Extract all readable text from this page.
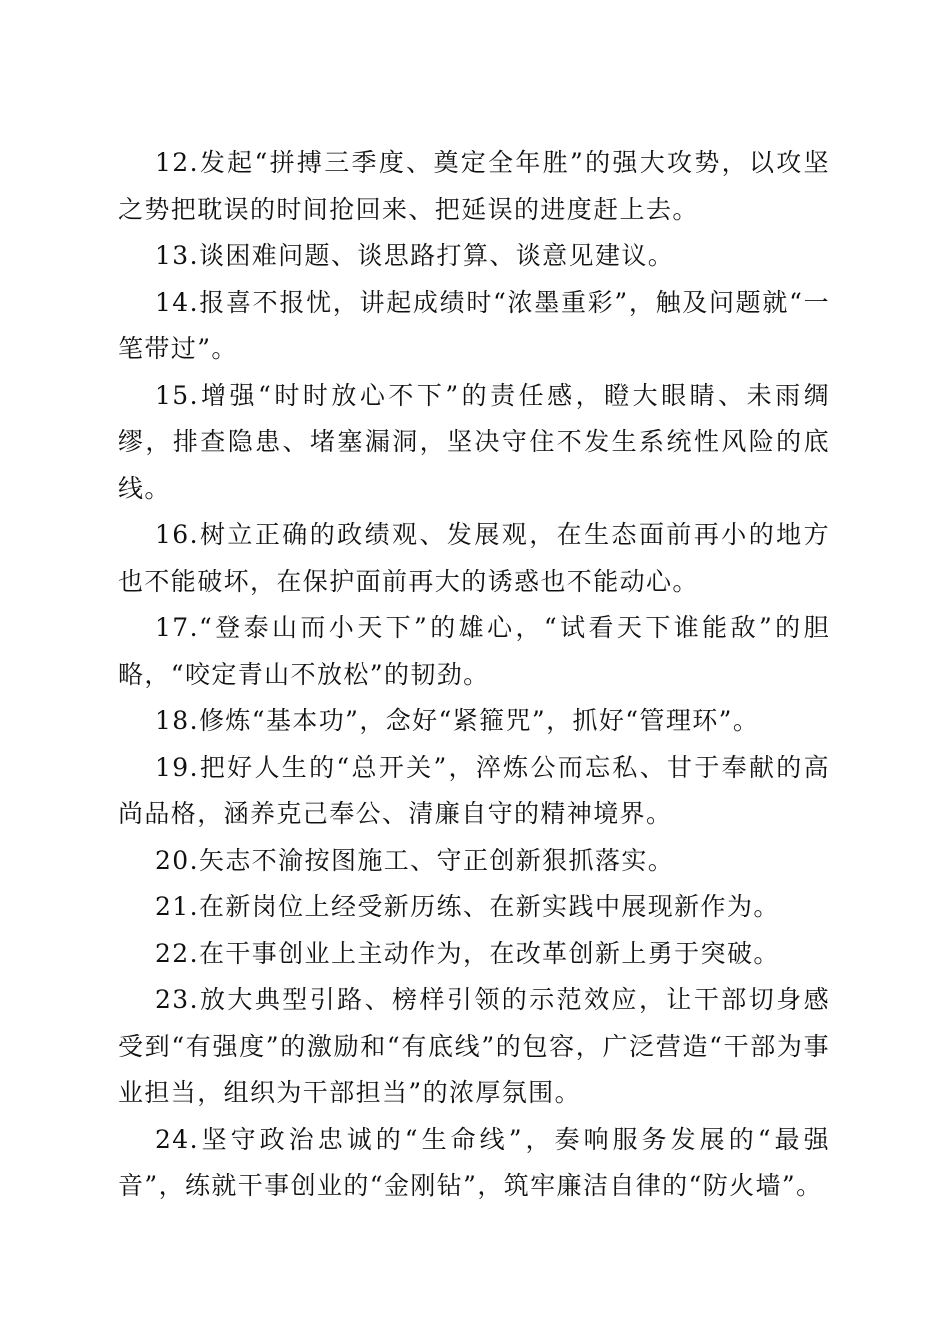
12.发起“拼搏三季度、奠定全年胜”的强大攻势，以攻坚之势把耽误的时间抢回来、把延误的进度赶上去。

13.谈困难问题、谈思路打算、谈意见建议。

14.报喜不报忧，讲起成绩时“浓墨重彩”，触及问题就“一笔带过”。

15.增强“时时放心不下”的责任感，瞪大眼睛、未雨绸缪，排查隐患、堵塞漏洞，坚决守住不发生系统性风险的底线。

16.树立正确的政绩观、发展观，在生态面前再小的地方也不能破坏，在保护面前再大的诱惑也不能动心。

17.“登泰山而小天下”的雄心，“试看天下谁能敌”的胆略，“咬定青山不放松”的韧劲。

18.修炼“基本功”，念好“紧箍咒”，抓好“管理环”。

19.把好人生的“总开关”，淬炼公而忘私、甘于奉献的高尚品格，涵养克己奉公、清廉自守的精神境界。

20.矢志不渝按图施工、守正创新狠抓落实。

21.在新岗位上经受新历练、在新实践中展现新作为。

22.在干事创业上主动作为，在改革创新上勇于突破。

23.放大典型引路、榜样引领的示范效应，让干部切身感受到“有强度”的激励和“有底线”的包容，广泛营造“干部为事业担当，组织为干部担当”的浓厚氛围。

24.坚守政治忠诚的“生命线”，奏响服务发展的“最强音”，练就干事创业的“金刚钻”，筑牢廉洁自律的“防火墙”。
